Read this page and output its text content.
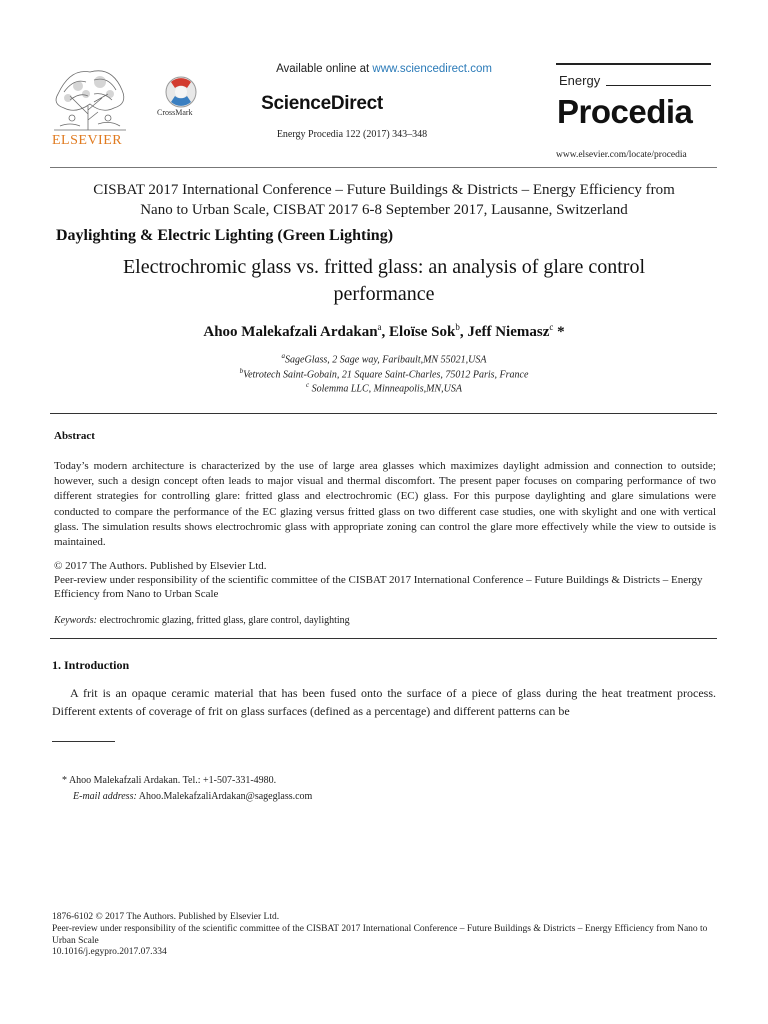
ELSEVIER
CrossMark
Available online at www.sciencedirect.com
ScienceDirect
Energy Procedia 122 (2017) 343–348
Energy
Procedia
www.elsevier.com/locate/procedia
CISBAT 2017 International Conference – Future Buildings & Districts – Energy Efficiency from
Nano to Urban Scale, CISBAT 2017 6-8 September 2017, Lausanne, Switzerland
Daylighting & Electric Lighting (Green Lighting)
Electrochromic glass vs. fritted glass: an analysis of glare control
performance
Ahoo Malekafzali Ardakan$^a$, Eloïse Sok$^b$, Jeff Niemasz$^c$ *
$^a$SageGlass, 2 Sage way, Faribault,MN 55021,USA
$^b$Vetrotech Saint-Gobain, 21 Square Saint-Charles, 75012 Paris, France
$^c$ Solemma LLC, Minneapolis,MN,USA
Abstract
Today’s modern architecture is characterized by the use of large area glasses which maximizes daylight admission and connection to outside; however, such a design concept often leads to major visual and thermal discomfort. The present paper focuses on comparing performance of two different strategies for controlling glare: fritted glass and electrochromic (EC) glass. For this purpose daylighting and glare simulations were conducted to compare the performance of the EC glazing versus fritted glass on two different case studies, one with skylight and one with vertical glass. The simulation results shows electrochromic glass with appropriate zoning can control the glare more effectively while the view to outside is maintained.
© 2017 The Authors. Published by Elsevier Ltd.
Peer-review under responsibility of the scientific committee of the CISBAT 2017 International Conference – Future Buildings & Districts – Energy Efficiency from Nano to Urban Scale
Keywords: electrochromic glazing, fritted glass, glare control, daylighting
1. Introduction
A frit is an opaque ceramic material that has been fused onto the surface of a piece of glass during the heat treatment process. Different extents of coverage of frit on glass surfaces (defined as a percentage) and different patterns can be
* Ahoo Malekafzali Ardakan. Tel.: +1-507-331-4980.
E-mail address: Ahoo.MalekafzaliArdakan@sageglass.com
1876-6102 © 2017 The Authors. Published by Elsevier Ltd.
Peer-review under responsibility of the scientific committee of the CISBAT 2017 International Conference – Future Buildings & Districts – Energy Efficiency from Nano to Urban Scale
10.1016/j.egypro.2017.07.334
